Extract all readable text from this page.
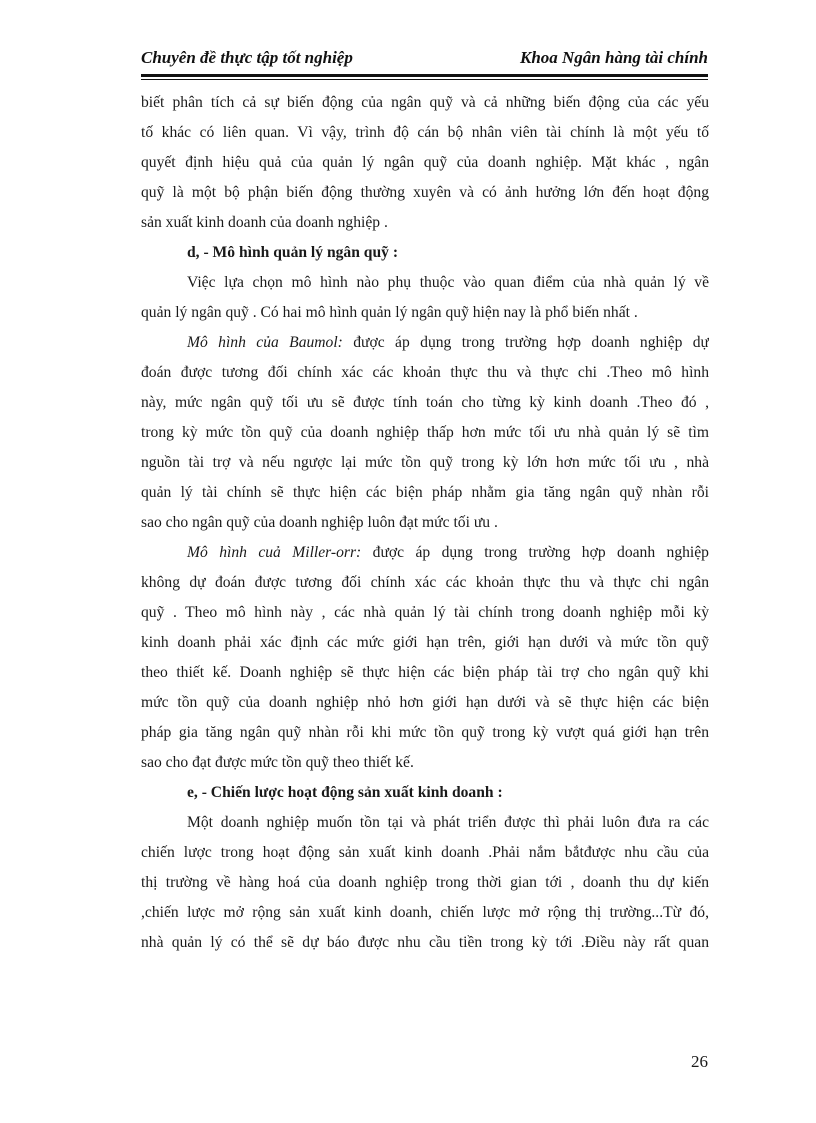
Chuyên đề thực tập tốt nghiệp	Khoa Ngân hàng tài chính
biết phân tích cả sự biến động của ngân quỹ và cả những biến động của các yếu
tố khác có liên quan. Vì vậy, trình độ cán bộ nhân viên tài chính là một yếu tố
quyết định hiệu quả của quản lý ngân quỹ của doanh nghiệp. Mặt khác , ngân
quỹ là một bộ phận biến động thường xuyên và có ảnh hưởng lớn đến hoạt động
sản xuất kinh doanh của doanh nghiệp .
d, - Mô hình quản lý ngân quỹ :
Việc lựa chọn mô hình nào phụ thuộc vào quan điểm của nhà quản lý về
quản lý ngân quỹ . Có hai mô hình quản lý ngân quỹ hiện nay là phổ biến nhất .
Mô hình của Baumol: được áp dụng trong trường hợp doanh nghiệp dự
đoán được tương đối chính xác các khoản thực thu và thực chi .Theo mô hình
này, mức ngân quỹ tối ưu sẽ được tính toán cho từng kỳ kinh doanh .Theo đó ,
trong kỳ mức tồn quỹ của doanh nghiệp thấp hơn mức tối ưu nhà quản lý sẽ tìm
nguồn tài trợ và nếu ngược lại mức tồn quỹ trong kỳ lớn hơn mức tối ưu , nhà
quản lý tài chính sẽ thực hiện các biện pháp nhằm gia tăng ngân quỹ nhàn rỗi
sao cho ngân quỹ của doanh nghiệp luôn đạt mức tối ưu .
Mô hình cuả Miller-orr: được áp dụng trong trường hợp doanh nghiệp
không dự đoán được tương đối chính xác các khoản thực thu và thực chi ngân
quỹ . Theo mô hình này , các nhà quản lý tài chính trong doanh nghiệp mỗi kỳ
kinh doanh phải xác định các mức giới hạn trên, giới hạn dưới và mức tồn quỹ
theo thiết kế. Doanh nghiệp sẽ thực hiện các biện pháp tài trợ cho ngân quỹ khi
mức tồn quỹ của doanh nghiệp nhỏ hơn giới hạn dưới và sẽ thực hiện các biện
pháp gia tăng ngân quỹ nhàn rỗi khi mức tồn quỹ trong kỳ vượt quá giới hạn trên
sao cho đạt được mức tồn quỹ theo thiết kế.
e, - Chiến lược hoạt động sản xuất kinh doanh :
Một doanh nghiệp muốn tồn tại và phát triển được thì phải luôn đưa ra các
chiến lược trong hoạt động sản xuất kinh doanh .Phải nắm bắtđược nhu cầu của
thị trường về hàng hoá của doanh nghiệp trong thời gian tới , doanh thu dự kiến
,chiến lược mở rộng sản xuất kinh doanh, chiến lược mở rộng thị trường...Từ đó,
nhà quản lý có thể sẽ dự báo được nhu cầu tiền trong kỳ tới .Điều này rất quan
26
